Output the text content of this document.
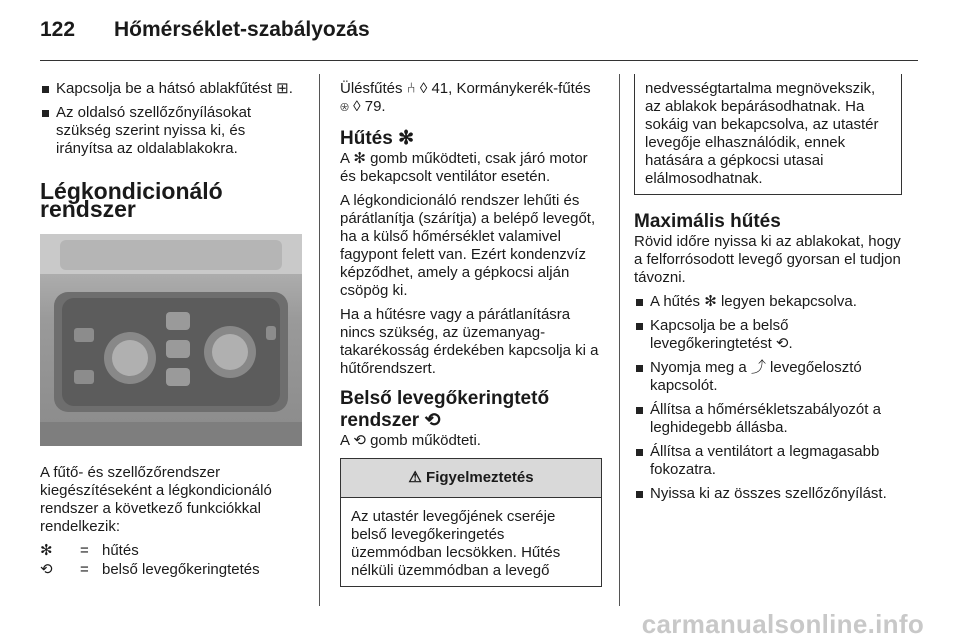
122 Hőmérséklet-szabályozás
Kapcsolja be a hátsó ablakfűtést ⊞.
Az oldalsó szellőzőnyílásokat szükség szerint nyissa ki, és irányítsa az oldalablakokra.
Légkondicionáló rendszer

A fűtő- és szellőzőrendszer kiegészítéseként a légkondicionáló rendszer a következő funkciókkal rendelkezik:

✻	= hűtés
⟲	= belső levegőkeringtetés

Ülésfűtés ⑃ ◊ 41, Kormánykerék-fűtés ⊛ ◊ 79.

Hűtés ✻

A ✻ gomb működteti, csak járó motor és bekapcsolt ventilátor esetén.

A légkondicionáló rendszer lehűti és párátlanítja (szárítja) a belépő levegőt, ha a külső hőmérséklet valamivel fagypont felett van. Ezért kondenzvíz képződhet, amely a gépkocsi alján csöpög ki.

Ha a hűtésre vagy a párátlanításra nincs szükség, az üzemanyag-takarékosság érdekében kapcsolja ki a hűtőrendszert.

Belső levegőkeringtető rendszer ⟲

A ⟲ gomb működteti.

⚠ Figyelmeztetés
Az utastér levegőjének cseréje belső levegőkeringetés üzemmódban lecsökken. Hűtés nélküli üzemmódban a levegő
nedvességtartalma megnövekszik, az ablakok bepárásodhatnak. Ha sokáig van bekapcsolva, az utastér levegője elhasználódik, ennek hatására a gépkocsi utasai elálmosodhatnak.
Maximális hűtés

Rövid időre nyissa ki az ablakokat, hogy a felforrósodott levegő gyorsan el tudjon távozni.

A hűtés ✻ legyen bekapcsolva.
Kapcsolja be a belső levegőkeringtetést ⟲.
Nyomja meg a ⤴ levegőelosztó kapcsolót.
Állítsa a hőmérsékletszabályozót a leghidegebb állásba.
Állítsa a ventilátort a legmagasabb fokozatra.
Nyissa ki az összes szellőzőnyílást.
carmanualsonline.info
